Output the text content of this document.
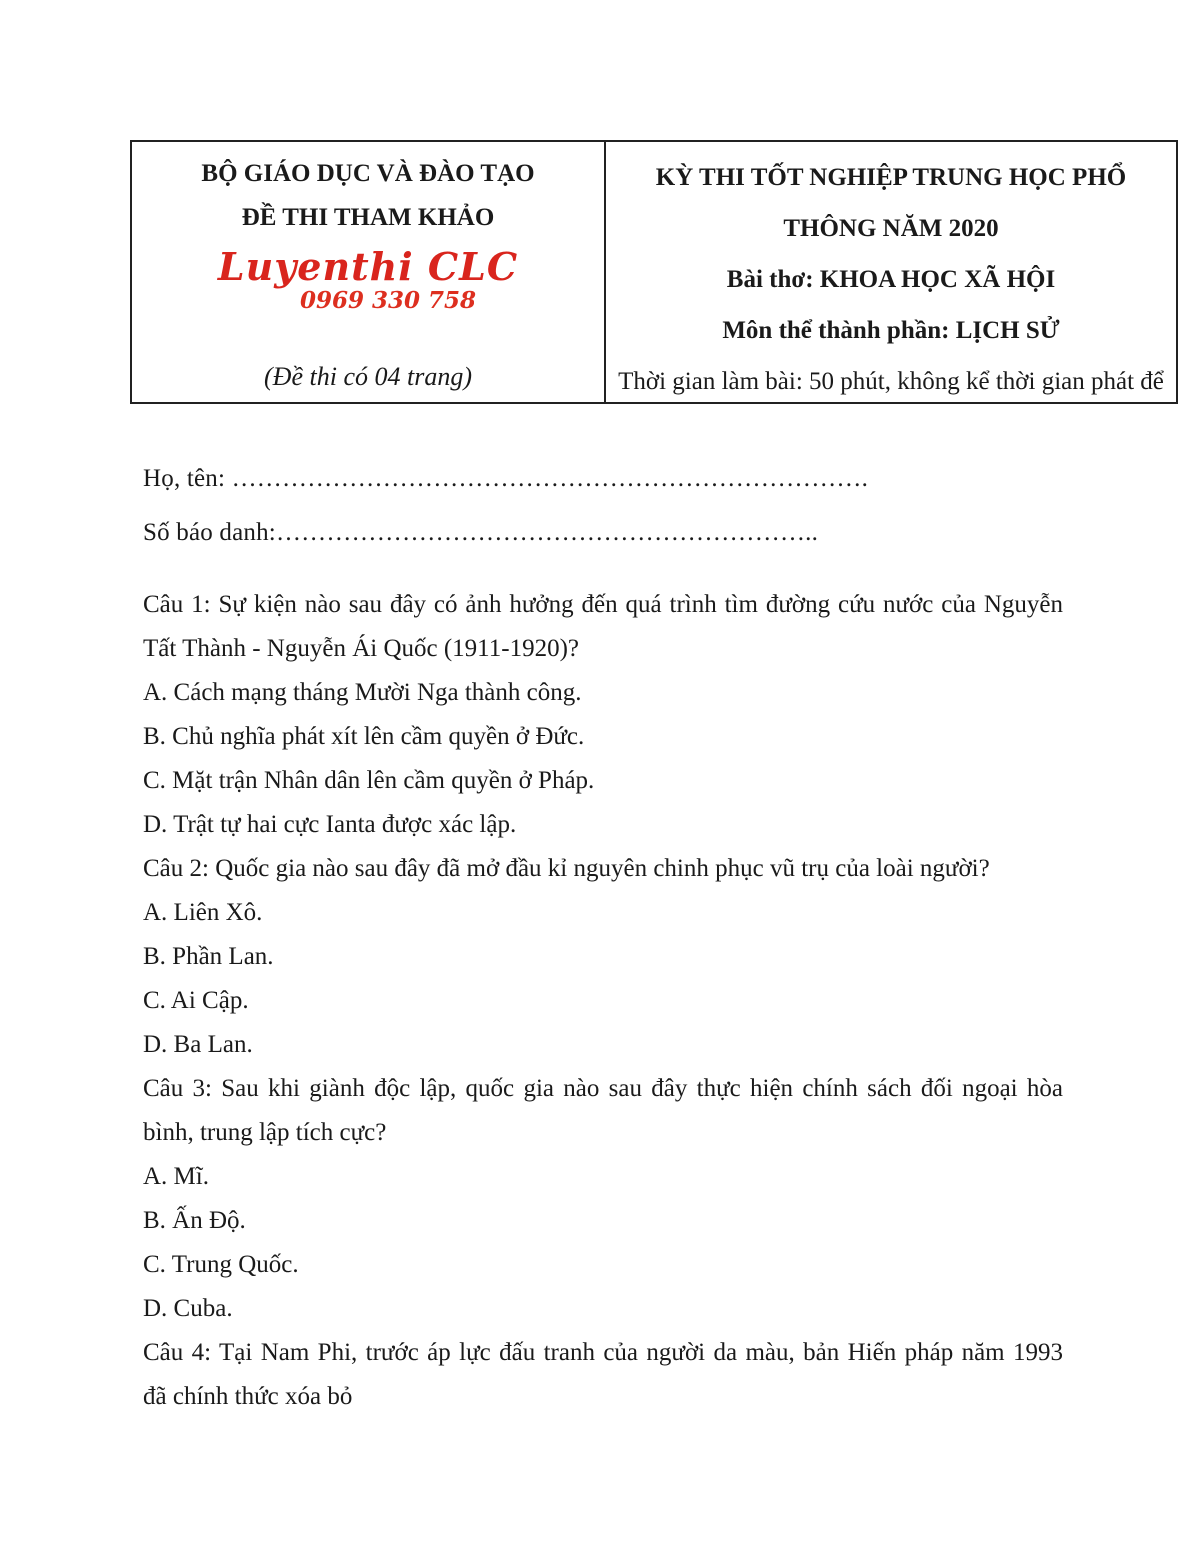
BỘ GIÁO DỤC VÀ ĐÀO TẠO
ĐỀ THI THAM KHẢO
Luyenthi CLC
0969 330 758
(Đề thi có 04 trang)
KỲ THI TỐT NGHIỆP TRUNG HỌC PHỔ
THÔNG NĂM 2020
Bài thơ: KHOA HỌC XÃ HỘI
Môn thể thành phần: LỊCH SỬ
Thời gian làm bài: 50 phút, không kể thời gian phát để
Họ, tên: ………………………………………………………………….
Số báo danh:………………………………………………………..
Câu 1: Sự kiện nào sau đây có ảnh hưởng đến quá trình tìm đường cứu nước của Nguyễn
Tất Thành - Nguyễn Ái Quốc (1911-1920)?
A. Cách mạng tháng Mười Nga thành công.
B. Chủ nghĩa phát xít lên cầm quyền ở Đức.
C. Mặt trận Nhân dân lên cầm quyền ở Pháp.
D. Trật tự hai cực Ianta được xác lập.
Câu 2: Quốc gia nào sau đây đã mở đầu kỉ nguyên chinh phục vũ trụ của loài người?
A. Liên Xô.
B. Phần Lan.
C. Ai Cập.
D. Ba Lan.
Câu 3: Sau khi giành độc lập, quốc gia nào sau đây thực hiện chính sách đối ngoại hòa
bình, trung lập tích cực?
A. Mĩ.
B. Ấn Độ.
C. Trung Quốc.
D. Cuba.
Câu 4: Tại Nam Phi, trước áp lực đấu tranh của người da màu, bản Hiến pháp năm 1993
đã chính thức xóa bỏ
